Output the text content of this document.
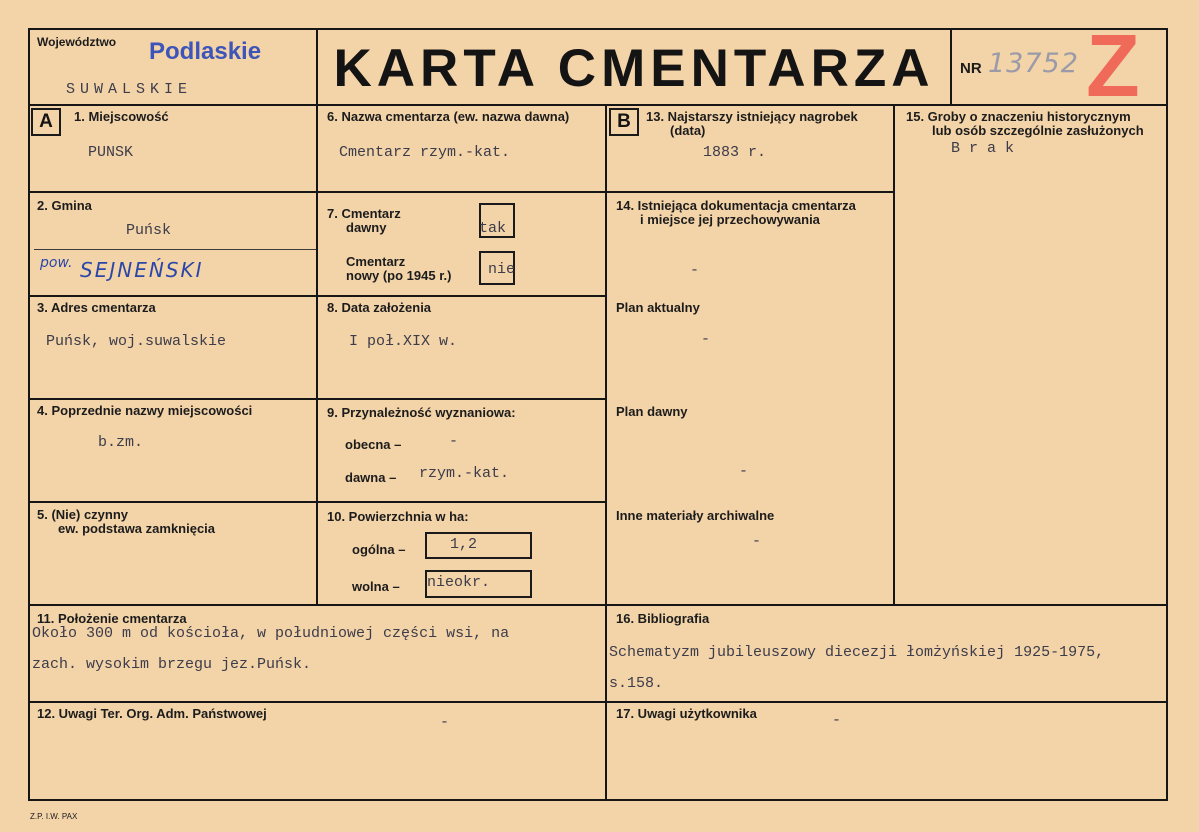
Województwo Podlaskie
SUWALSKIE	KARTA CMENTARZA	NR 13752 Z
A	B
1. Miejscowość
PUNSK
2. Gmina
Puńsk
pow. SEJNEŃSKI
3. Adres cmentarza
Puńsk, woj.suwalskie
4. Poprzednie nazwy miejscowości
b.zm.
5. (Nie) czynny
ew. podstawa zamknięcia
6. Nazwa cmentarza (ew. nazwa dawna)
Cmentarz rzym.-kat.
7. Cmentarz
dawny	tak
Cmentarz
nowy (po 1945 r.) nie
8. Data założenia
I poł.XIX w.
9. Przynależność wyznaniowa:
obecna –	-
dawna – rzym.-kat.
10. Powierzchnia w ha:
ogólna –	1,2
wolna – nieokr.
13. Najstarszy istniejący nagrobek
(data)
1883 r.
14. Istniejąca dokumentacja cmentarza
i miejsce jej przechowywania
-
Plan aktualny
-
Plan dawny
-
Inne materiały archiwalne
-
15. Groby o znaczeniu historycznym
lub osób szczególnie zasłużonych
B r a k
11. Położenie cmentarza
Około 300 m od kościoła, w południowej części wsi, na
zach. wysokim brzegu jez.Puńsk.
16. Bibliografia
Schematyzm jubileuszowy diecezji łomżyńskiej 1925-1975,
s.158.
12. Uwagi Ter. Org. Adm. Państwowej
-
17. Uwagi użytkownika	-
Z.P. I.W. PAX
